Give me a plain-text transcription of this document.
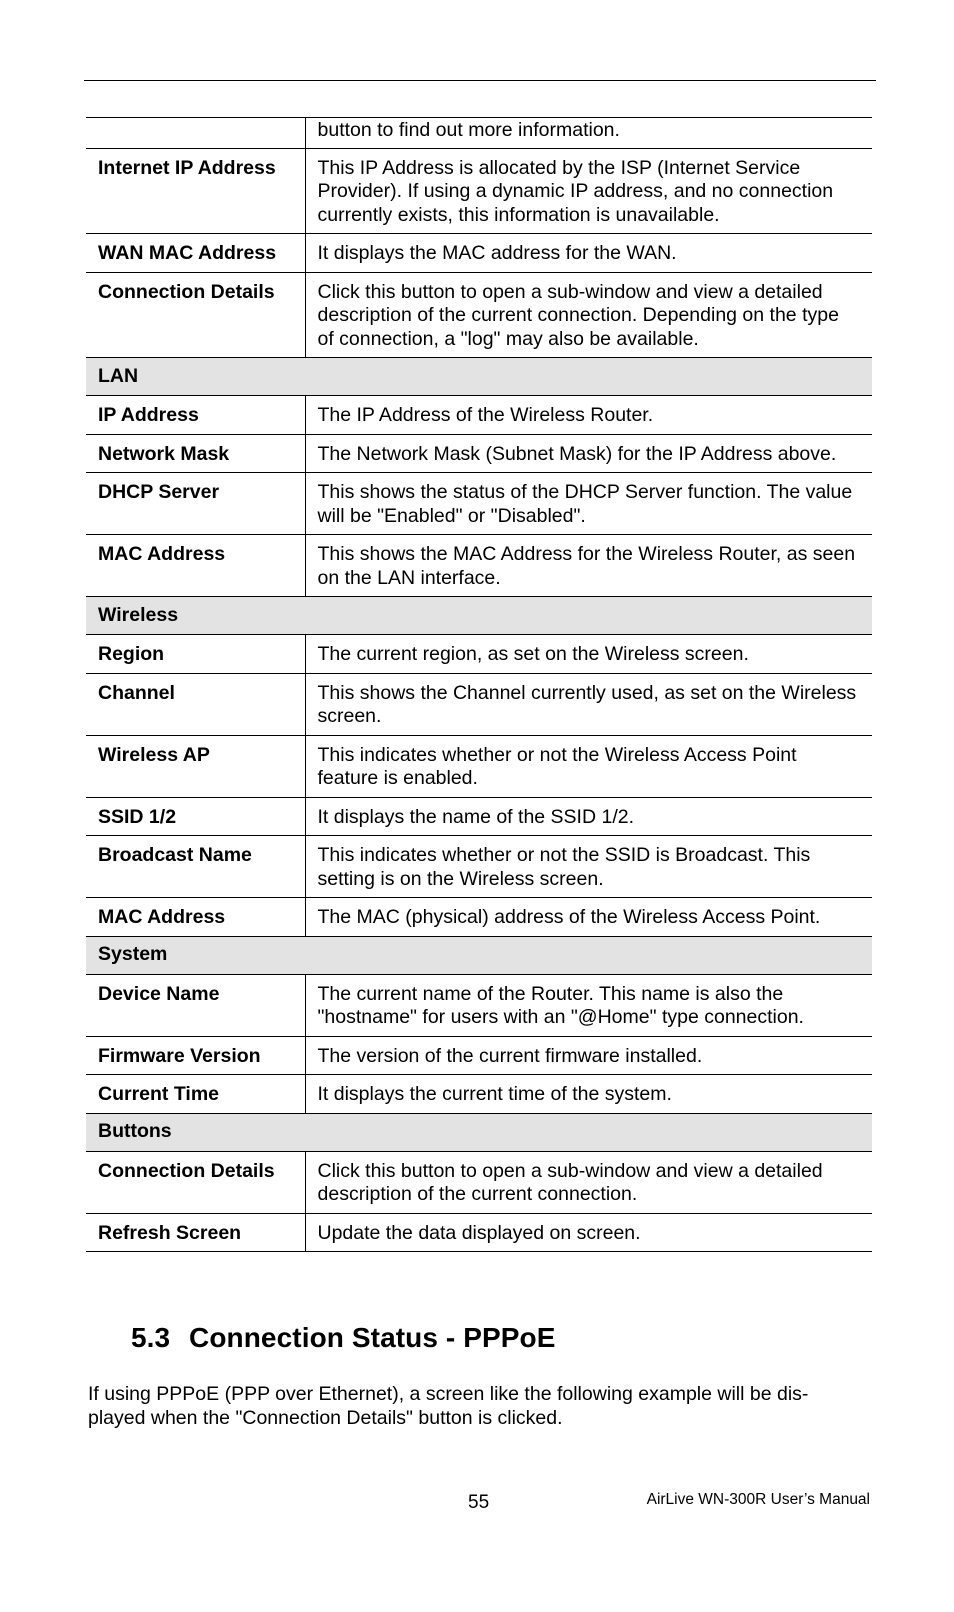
	button to find out more information.
Internet IP Address	This IP Address is allocated by the ISP (Internet Service Provider). If using a dynamic IP address, and no connection currently exists, this information is unavailable.
WAN MAC Address	It displays the MAC address for the WAN.
Connection Details	Click this button to open a sub-window and view a detailed description of the current connection. Depending on the type of connection, a "log" may also be available.
LAN	
IP Address	The IP Address of the Wireless Router.
Network Mask	The Network Mask (Subnet Mask) for the IP Address above.
DHCP Server	This shows the status of the DHCP Server function. The value will be "Enabled" or "Disabled".
MAC Address	This shows the MAC Address for the Wireless Router, as seen on the LAN interface.
Wireless	
Region	The current region, as set on the Wireless screen.
Channel	This shows the Channel currently used, as set on the Wireless screen.
Wireless AP	This indicates whether or not the Wireless Access Point feature is enabled.
SSID 1/2	It displays the name of the SSID 1/2.
Broadcast Name	This indicates whether or not the SSID is Broadcast. This setting is on the Wireless screen.
MAC Address	The MAC (physical) address of the Wireless Access Point.
System	
Device Name	The current name of the Router. This name is also the "hostname" for users with an "@Home" type connection.
Firmware Version	The version of the current firmware installed.
Current Time	It displays the current time of the system.
Buttons	
Connection Details	Click this button to open a sub-window and view a detailed description of the current connection.
Refresh Screen	Update the data displayed on screen.
5.3 Connection Status - PPPoE
If using PPPoE (PPP over Ethernet), a screen like the following example will be dis-
played when the "Connection Details" button is clicked.
55	AirLive WN-300R User’s Manual
